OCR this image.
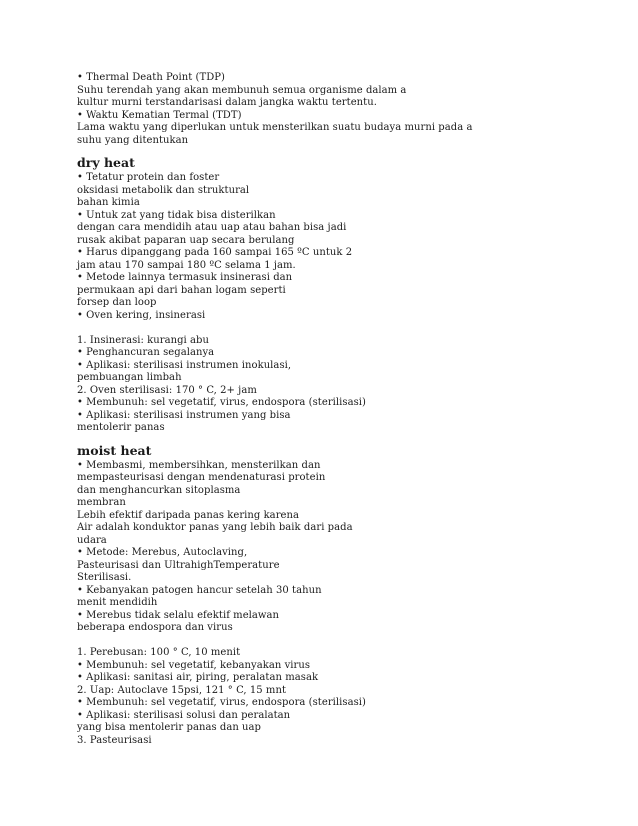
• Thermal Death Point (TDP)
Suhu terendah yang akan membunuh semua organisme dalam a
kultur murni terstandarisasi dalam jangka waktu tertentu.
• Waktu Kematian Termal (TDT)
Lama waktu yang diperlukan untuk mensterilkan suatu budaya murni pada a
suhu yang ditentukan
dry heat
• Tetatur protein dan foster
oksidasi metabolik dan struktural
bahan kimia
• Untuk zat yang tidak bisa disterilkan
dengan cara mendidih atau uap atau bahan bisa jadi
rusak akibat paparan uap secara berulang
• Harus dipanggang pada 160 sampai 165 ºC untuk 2
jam atau 170 sampai 180 ºC selama 1 jam.
• Metode lainnya termasuk insinerasi dan
permukaan api dari bahan logam seperti
forsep dan loop
• Oven kering, insinerasi
1. Insinerasi: kurangi abu
• Penghancuran segalanya
• Aplikasi: sterilisasi instrumen inokulasi,
pembuangan limbah
2. Oven sterilisasi: 170 ° C, 2+ jam
• Membunuh: sel vegetatif, virus, endospora (sterilisasi)
• Aplikasi: sterilisasi instrumen yang bisa
mentolerir panas
moist heat
• Membasmi, membersihkan, mensterilkan dan
mempasteurisasi dengan mendenaturasi protein
dan menghancurkan sitoplasma
membran
Lebih efektif daripada panas kering karena
Air adalah konduktor panas yang lebih baik dari pada
udara
• Metode: Merebus, Autoclaving,
Pasteurisasi dan UltrahighTemperature
Sterilisasi.
• Kebanyakan patogen hancur setelah 30 tahun
menit mendidih
• Merebus tidak selalu efektif melawan
beberapa endospora dan virus
1. Perebusan: 100 ° C, 10 menit
• Membunuh: sel vegetatif, kebanyakan virus
• Aplikasi: sanitasi air, piring, peralatan masak
2. Uap: Autoclave 15psi, 121 ° C, 15 mnt
• Membunuh: sel vegetatif, virus, endospora (sterilisasi)
• Aplikasi: sterilisasi solusi dan peralatan
yang bisa mentolerir panas dan uap
3. Pasteurisasi
